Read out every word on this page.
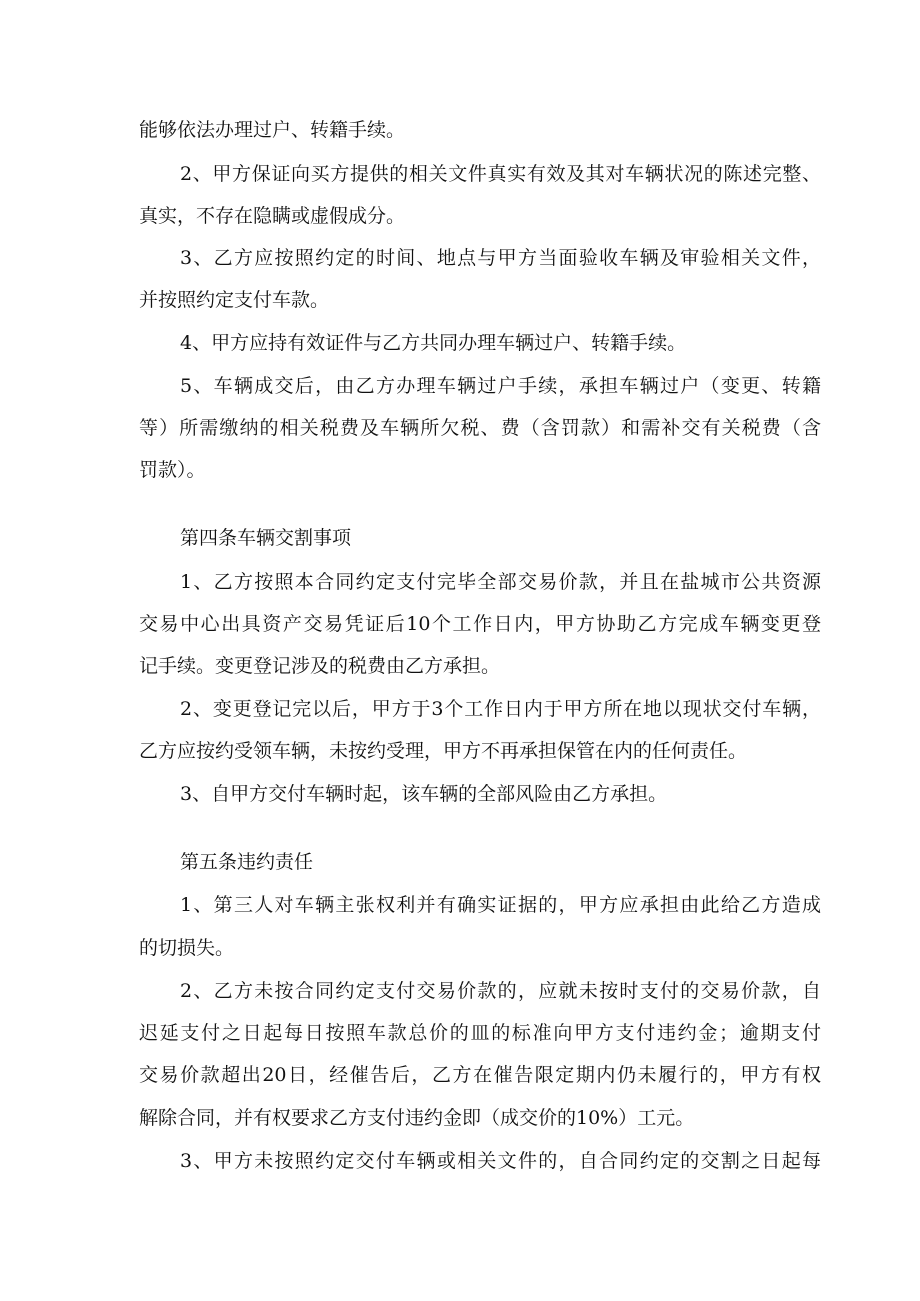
能够依法办理过户、转籍手续。
2、甲方保证向买方提供的相关文件真实有效及其对车辆状况的陈述完整、
真实，不存在隐瞒或虚假成分。
3、乙方应按照约定的时间、地点与甲方当面验收车辆及审验相关文件，
并按照约定支付车款。
4、甲方应持有效证件与乙方共同办理车辆过户、转籍手续。
5、车辆成交后，由乙方办理车辆过户手续，承担车辆过户（变更、转籍
等）所需缴纳的相关税费及车辆所欠税、费（含罚款）和需补交有关税费（含
罚款）。
第四条车辆交割事项
1、乙方按照本合同约定支付完毕全部交易价款，并且在盐城市公共资源
交易中心出具资产交易凭证后10个工作日内，甲方协助乙方完成车辆变更登
记手续。变更登记涉及的税费由乙方承担。
2、变更登记完以后，甲方于3个工作日内于甲方所在地以现状交付车辆，
乙方应按约受领车辆，未按约受理，甲方不再承担保管在内的任何责任。
3、自甲方交付车辆时起，该车辆的全部风险由乙方承担。
第五条违约责任
1、第三人对车辆主张权利并有确实证据的，甲方应承担由此给乙方造成
的切损失。
2、乙方未按合同约定支付交易价款的，应就未按时支付的交易价款，自
迟延支付之日起每日按照车款总价的皿的标准向甲方支付违约金；逾期支付
交易价款超出20日，经催告后，乙方在催告限定期内仍未履行的，甲方有权
解除合同，并有权要求乙方支付违约金即（成交价的10%）工元。
3、甲方未按照约定交付车辆或相关文件的，自合同约定的交割之日起每
